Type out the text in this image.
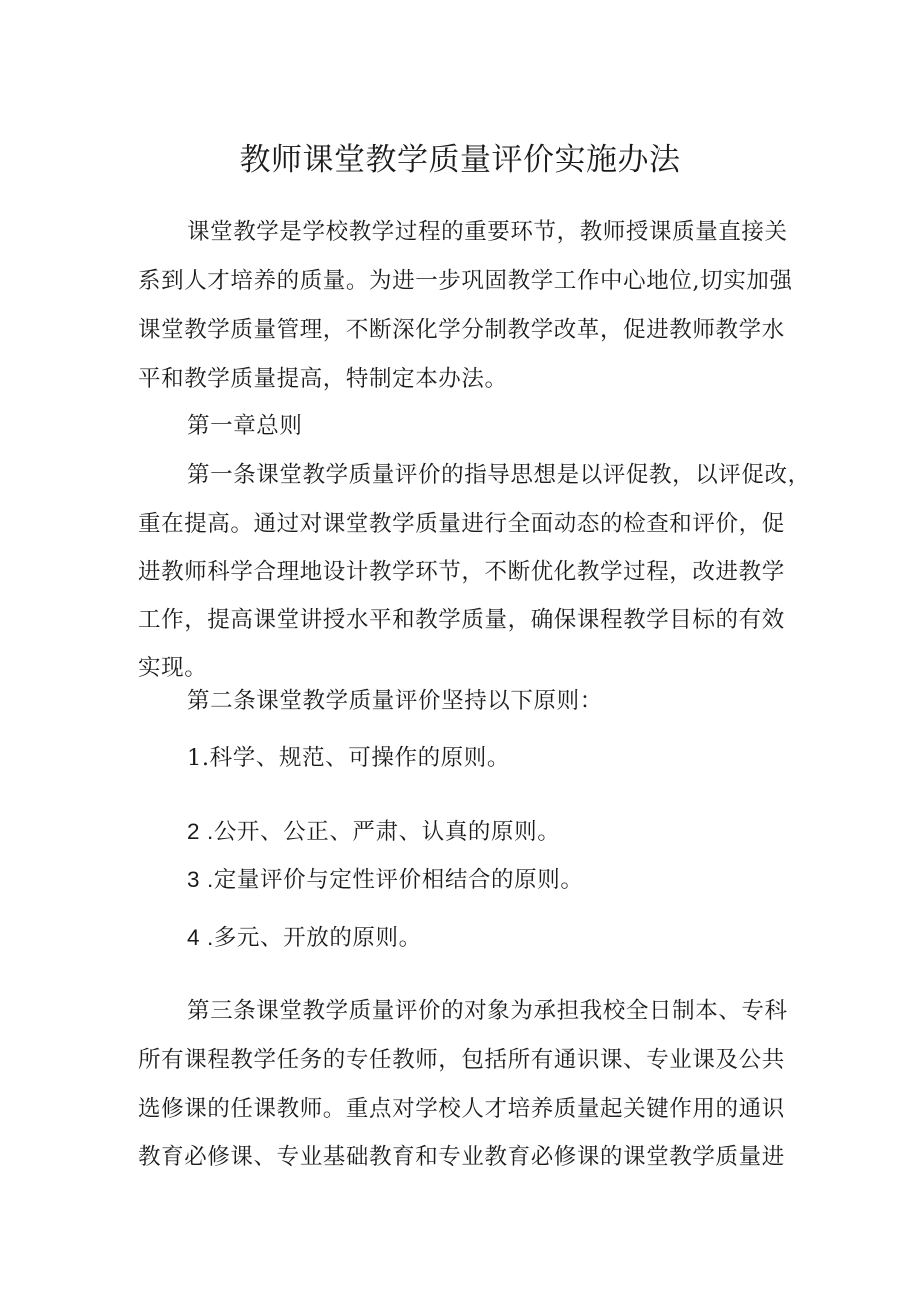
教师课堂教学质量评价实施办法
课堂教学是学校教学过程的重要环节，教师授课质量直接关
系到人才培养的质量。为进一步巩固教学工作中心地位,切实加强
课堂教学质量管理，不断深化学分制教学改革，促进教师教学水
平和教学质量提高，特制定本办法。
第一章总则
第一条课堂教学质量评价的指导思想是以评促教，以评促改，
重在提高。通过对课堂教学质量进行全面动态的检查和评价，促
进教师科学合理地设计教学环节，不断优化教学过程，改进教学
工作，提高课堂讲授水平和教学质量，确保课程教学目标的有效
实现。
第二条课堂教学质量评价坚持以下原则：
1.科学、规范、可操作的原则。
2 .公开、公正、严肃、认真的原则。
3 .定量评价与定性评价相结合的原则。
4 .多元、开放的原则。
第三条课堂教学质量评价的对象为承担我校全日制本、专科
所有课程教学任务的专任教师，包括所有通识课、专业课及公共
选修课的任课教师。重点对学校人才培养质量起关键作用的通识
教育必修课、专业基础教育和专业教育必修课的课堂教学质量进
